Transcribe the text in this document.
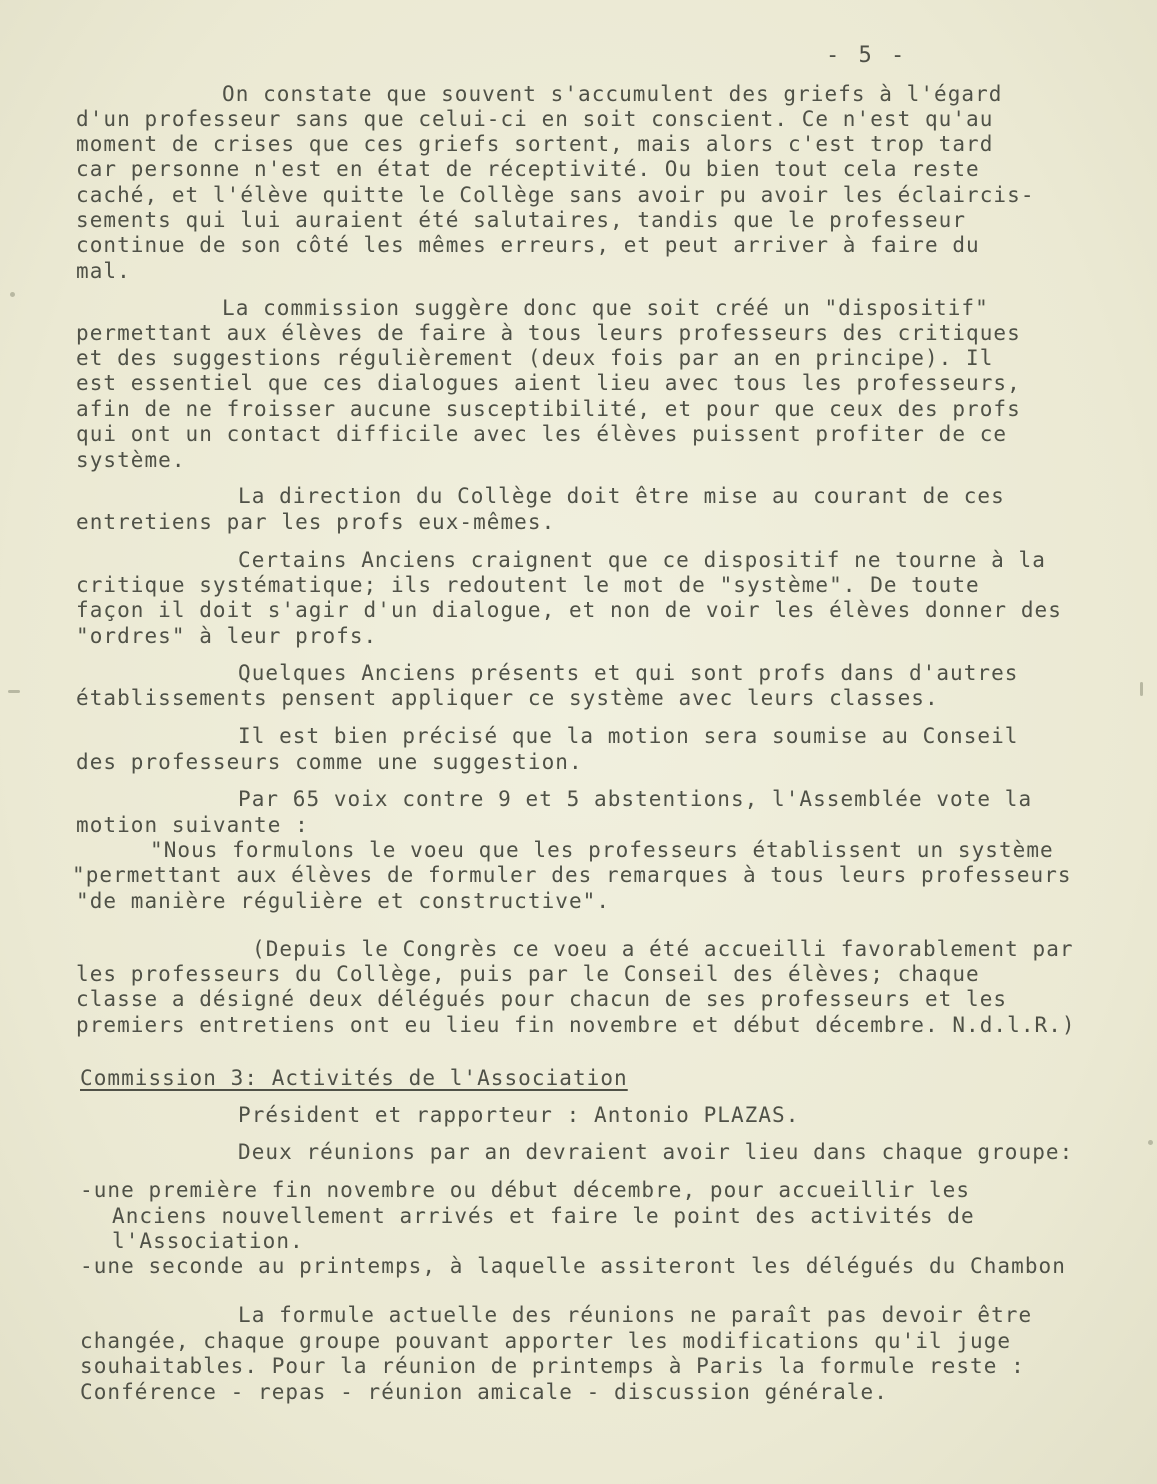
- 5 -
On constate que souvent s'accumulent des griefs à l'égard
d'un professeur sans que celui-ci en soit conscient. Ce n'est qu'au
moment de crises que ces griefs sortent, mais alors c'est trop tard
car personne n'est en état de réceptivité. Ou bien tout cela reste
caché, et l'élève quitte le Collège sans avoir pu avoir les éclaircis-
sements qui lui auraient été salutaires, tandis que le professeur
continue de son côté les mêmes erreurs, et peut arriver à faire du
mal.
La commission suggère donc que soit créé un "dispositif"
permettant aux élèves de faire à tous leurs professeurs des critiques
et des suggestions régulièrement (deux fois par an en principe). Il
est essentiel que ces dialogues aient lieu avec tous les professeurs,
afin de ne froisser aucune susceptibilité, et pour que ceux des profs
qui ont un contact difficile avec les élèves puissent profiter de ce
système.
La direction du Collège doit être mise au courant de ces
entretiens par les profs eux-mêmes.
Certains Anciens craignent que ce dispositif ne tourne à la
critique systématique; ils redoutent le mot de "système". De toute
façon il doit s'agir d'un dialogue, et non de voir les élèves donner des
"ordres" à leur profs.
Quelques Anciens présents et qui sont profs dans d'autres
établissements pensent appliquer ce système avec leurs classes.
Il est bien précisé que la motion sera soumise au Conseil
des professeurs comme une suggestion.
Par 65 voix contre 9 et 5 abstentions, l'Assemblée vote la
motion suivante :
"Nous formulons le voeu que les professeurs établissent un système
"permettant aux élèves de formuler des remarques à tous leurs professeurs
"de manière régulière et constructive".
(Depuis le Congrès ce voeu a été accueilli favorablement par
les professeurs du Collège, puis par le Conseil des élèves; chaque
classe a désigné deux délégués pour chacun de ses professeurs et les
premiers entretiens ont eu lieu fin novembre et début décembre. N.d.l.R.)
Commission 3: Activités de l'Association
Président et rapporteur : Antonio PLAZAS.
Deux réunions par an devraient avoir lieu dans chaque groupe:
-une première fin novembre ou début décembre, pour accueillir les
Anciens nouvellement arrivés et faire le point des activités de
l'Association.
-une seconde au printemps, à laquelle assiteront les délégués du Chambon
La formule actuelle des réunions ne paraît pas devoir être
changée, chaque groupe pouvant apporter les modifications qu'il juge
souhaitables. Pour la réunion de printemps à Paris la formule reste :
Conférence - repas - réunion amicale - discussion générale.
